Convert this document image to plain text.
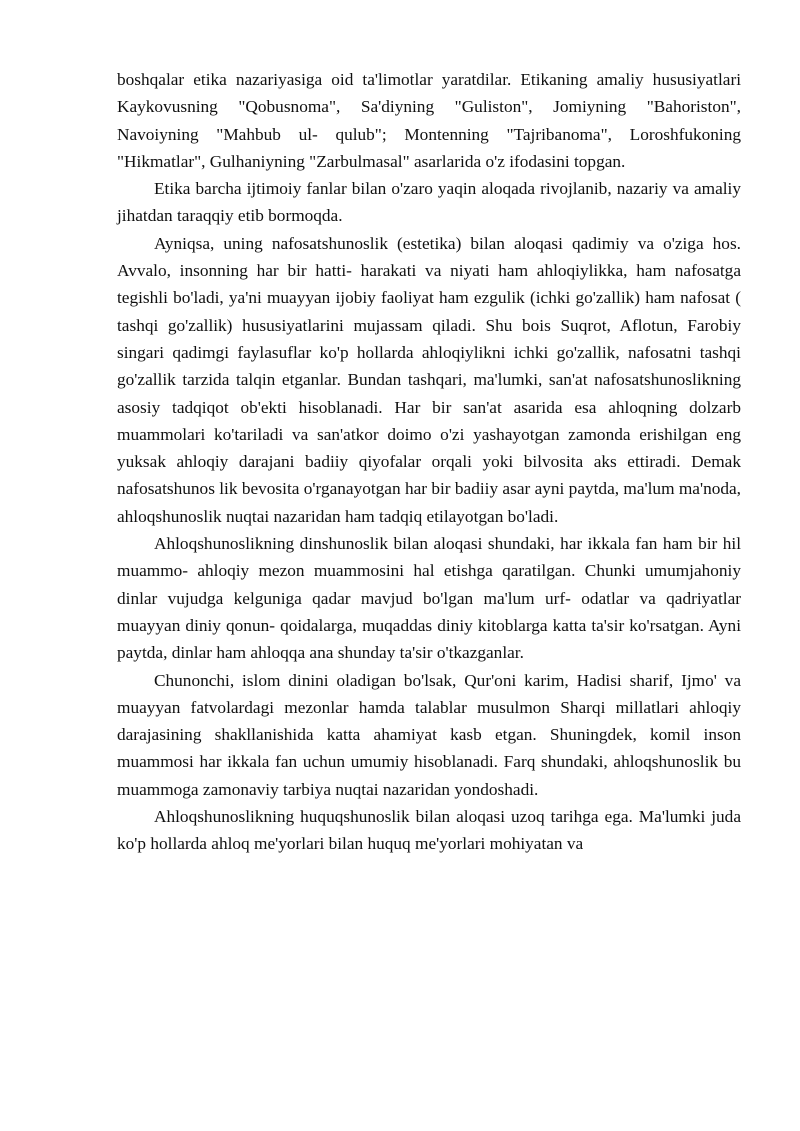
boshqalar etika nazariyasiga oid ta'limotlar yaratdilar. Etikaning amaliy hususiyatlari Kaykovusning "Qobusnoma", Sa'diyning "Guliston", Jomiyning "Bahoriston", Navoiyning "Mahbub ul- qulub"; Montenning "Tajribanoma", Loroshfukoning "Hikmatlar", Gulhaniyning "Zarbulmasal" asarlarida o'z ifodasini topgan.

Etika barcha ijtimoiy fanlar bilan o'zaro yaqin aloqada rivojlanib, nazariy va amaliy jihatdan taraqqiy etib bormoqda.

Ayniqsa, uning nafosatshunoslik (estetika) bilan aloqasi qadimiy va o'ziga hos. Avvalo, insonning har bir hatti- harakati va niyati ham ahloqiylikka, ham nafosatga tegishli bo'ladi, ya'ni muayyan ijobiy faoliyat ham ezgulik (ichki go'zallik) ham nafosat ( tashqi go'zallik) hususiyatlarini mujassam qiladi. Shu bois Suqrot, Aflotun, Farobiy singari qadimgi faylasuflar ko'p hollarda ahloqiylikni ichki go'zallik, nafosatni tashqi go'zallik tarzida talqin etganlar. Bundan tashqari, ma'lumki, san'at nafosatshunoslikning asosiy tadqiqot ob'ekti hisoblanadi. Har bir san'at asarida esa ahloqning dolzarb muammolari ko'tariladi va san'atkor doimo o'zi yashayotgan zamonda erishilgan eng yuksak ahloqiy darajani badiiy qiyofalar orqali yoki bilvosita aks ettiradi. Demak nafosatshunos lik bevosita o'rganayotgan har bir badiiy asar ayni paytda, ma'lum ma'noda, ahloqshunoslik nuqtai nazaridan ham tadqiq etilayotgan bo'ladi.

Ahloqshunoslikning dinshunoslik bilan aloqasi shundaki, har ikkala fan ham bir hil muammo- ahloqiy mezon muammosini hal etishga qaratilgan. Chunki umumjahoniy dinlar vujudga kelguniga qadar mavjud bo'lgan ma'lum urf- odatlar va qadriyatlar muayyan diniy qonun- qoidalarga, muqaddas diniy kitoblarga katta ta'sir ko'rsatgan. Ayni paytda, dinlar ham ahloqqa ana shunday ta'sir o'tkazganlar.

Chunonchi, islom dinini oladigan bo'lsak, Qur'oni karim, Hadisi sharif, Ijmo' va muayyan fatvolardagi mezonlar hamda talablar musulmon Sharqi millatlari ahloqiy darajasining shakllanishida katta ahamiyat kasb etgan. Shuningdek, komil inson muammosi har ikkala fan uchun umumiy hisoblanadi. Farq shundaki, ahloqshunoslik bu muammoga zamonaviy tarbiya nuqtai nazaridan yondoshadi.

Ahloqshunoslikning huquqshunoslik bilan aloqasi uzoq tarihga ega. Ma'lumki juda ko'p hollarda ahloq me'yorlari bilan huquq me'yorlari mohiyatan va
